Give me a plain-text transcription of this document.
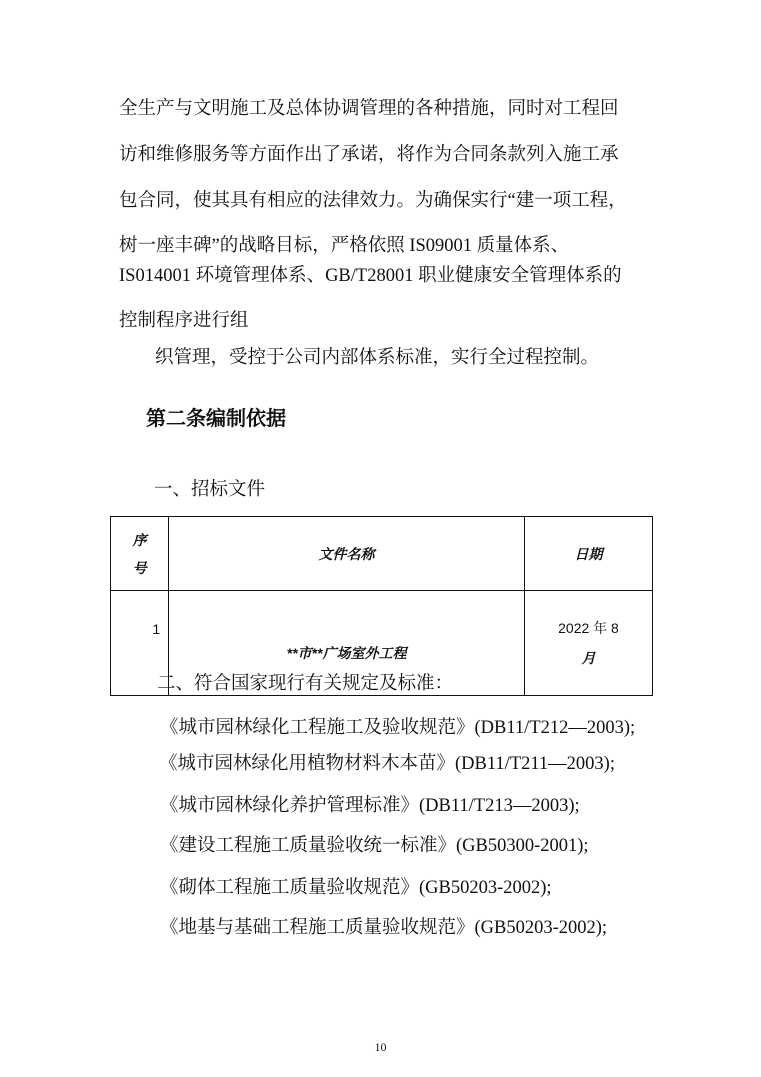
全生产与文明施工及总体协调管理的各种措施，同时对工程回
访和维修服务等方面作出了承诺，将作为合同条款列入施工承
包合同，使其具有相应的法律效力。为确保实行“建一项工程，
树一座丰碑”的战略目标，严格依照 IS09001 质量体系、
IS014001 环境管理体系、GB/T28001 职业健康安全管理体系的
控制程序进行组
织管理，受控于公司内部体系标准，实行全过程控制。
第二条编制依据
一、招标文件
序
号	文件名称	日期
1	**市**广场室外工程	2022 年 8
月
二、符合国家现行有关规定及标准：
《城市园林绿化工程施工及验收规范》(DB11/T212—2003);
《城市园林绿化用植物材料木本苗》(DB11/T211—2003);
《城市园林绿化养护管理标准》(DB11/T213—2003);
《建设工程施工质量验收统一标准》(GB50300-2001);
《砌体工程施工质量验收规范》(GB50203-2002);
《地基与基础工程施工质量验收规范》(GB50203-2002);
10
